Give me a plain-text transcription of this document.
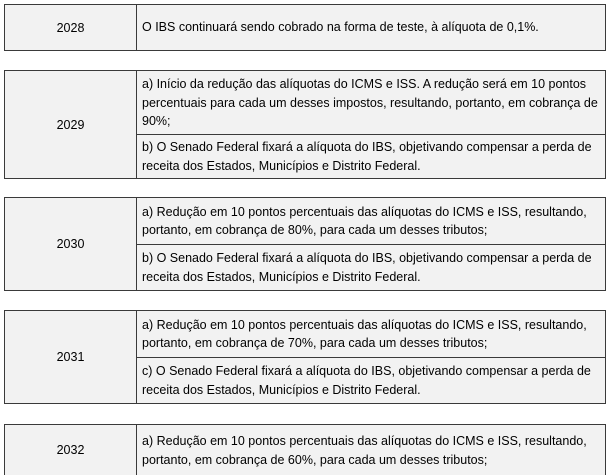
2028	O IBS continuará sendo cobrado na forma de teste, à alíquota de 0,1%.
2029
a) Início da redução das alíquotas do ICMS e ISS. A redução será em 10 pontos percentuais para cada um desses impostos, resultando, portanto, em cobrança de 90%;
b) O Senado Federal fixará a alíquota do IBS, objetivando compensar a perda de receita dos Estados, Municípios e Distrito Federal.
2030
a) Redução em 10 pontos percentuais das alíquotas do ICMS e ISS, resultando, portanto, em cobrança de 80%, para cada um desses tributos;
b) O Senado Federal fixará a alíquota do IBS, objetivando compensar a perda de receita dos Estados, Municípios e Distrito Federal.
2031
a) Redução em 10 pontos percentuais das alíquotas do ICMS e ISS, resultando, portanto, em cobrança de 70%, para cada um desses tributos;
c) O Senado Federal fixará a alíquota do IBS, objetivando compensar a perda de receita dos Estados, Municípios e Distrito Federal.
2032
a) Redução em 10 pontos percentuais das alíquotas do ICMS e ISS, resultando, portanto, em cobrança de 60%, para cada um desses tributos;
